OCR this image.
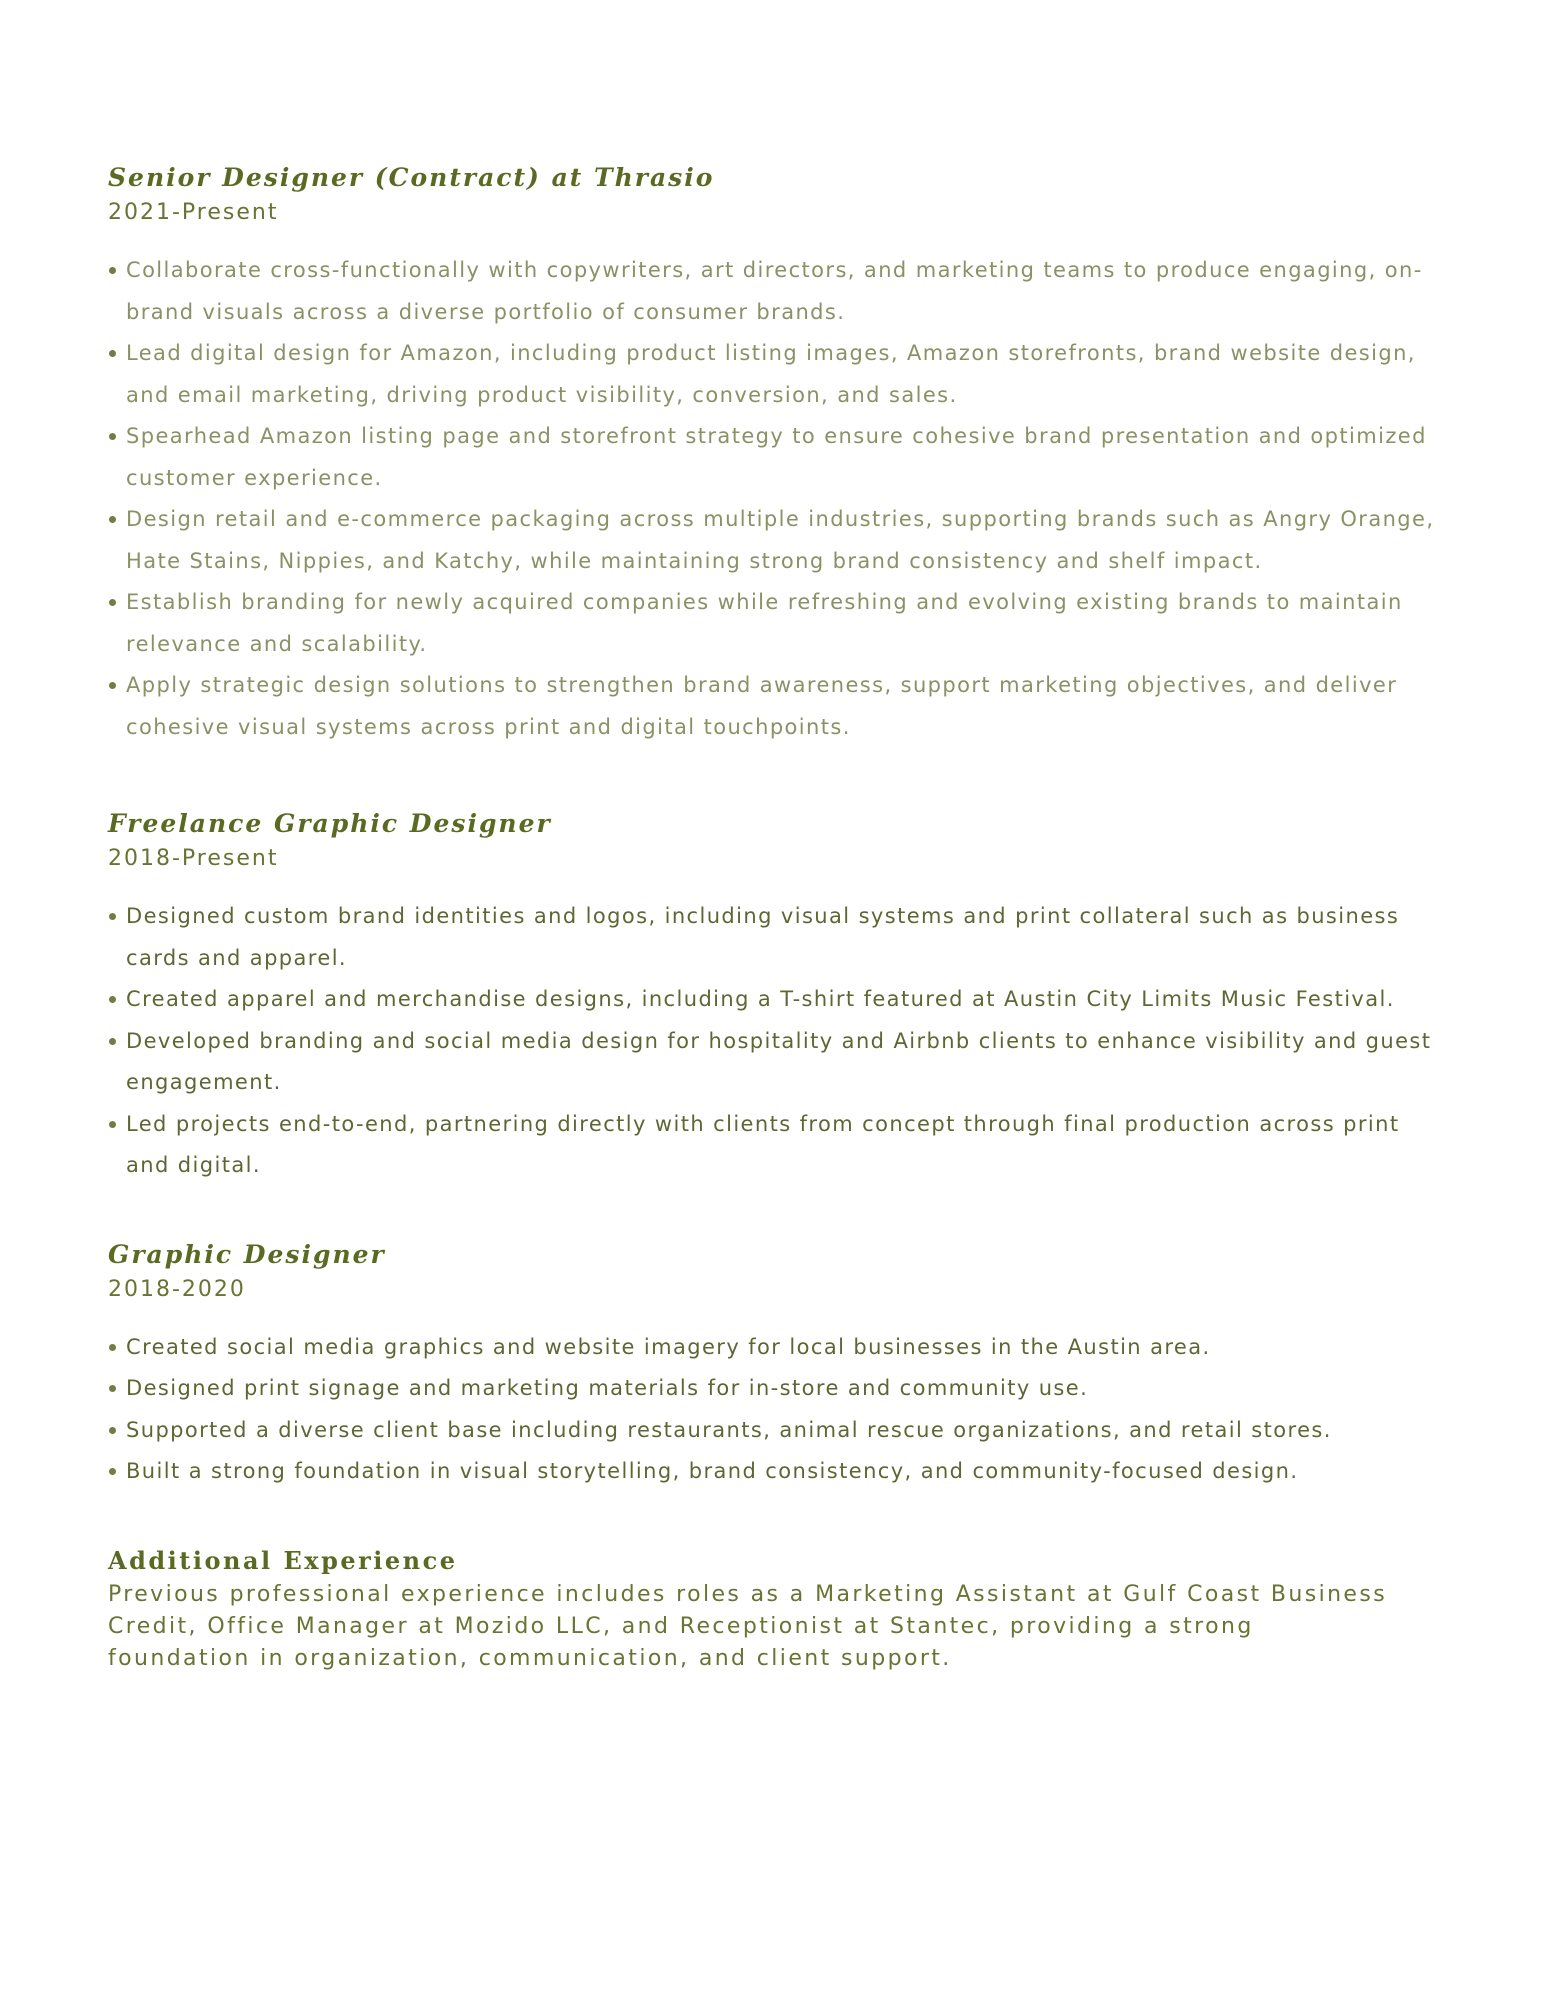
Senior Designer (Contract) at Thrasio

2021-Present

Collaborate cross-functionally with copywriters, art directors, and marketing teams to produce engaging, on-brand visuals across a diverse portfolio of consumer brands.
Lead digital design for Amazon, including product listing images, Amazon storefronts, brand website design, and email marketing, driving product visibility, conversion, and sales.
Spearhead Amazon listing page and storefront strategy to ensure cohesive brand presentation and optimized customer experience.
Design retail and e-commerce packaging across multiple industries, supporting brands such as Angry Orange, Hate Stains, Nippies, and Katchy, while maintaining strong brand consistency and shelf impact.
Establish branding for newly acquired companies while refreshing and evolving existing brands to maintain relevance and scalability.
Apply strategic design solutions to strengthen brand awareness, support marketing objectives, and deliver cohesive visual systems across print and digital touchpoints.
Freelance Graphic Designer

2018-Present

Designed custom brand identities and logos, including visual systems and print collateral such as business cards and apparel.
Created apparel and merchandise designs, including a T-shirt featured at Austin City Limits Music Festival.
Developed branding and social media design for hospitality and Airbnb clients to enhance visibility and guest engagement.
Led projects end-to-end, partnering directly with clients from concept through final production across print and digital.
Graphic Designer

2018-2020

Created social media graphics and website imagery for local businesses in the Austin area.
Designed print signage and marketing materials for in-store and community use.
Supported a diverse client base including restaurants, animal rescue organizations, and retail stores.
Built a strong foundation in visual storytelling, brand consistency, and community-focused design.
Additional Experience

Previous professional experience includes roles as a Marketing Assistant at Gulf Coast Business Credit, Office Manager at Mozido LLC, and Receptionist at Stantec, providing a strong foundation in organization, communication, and client support.
